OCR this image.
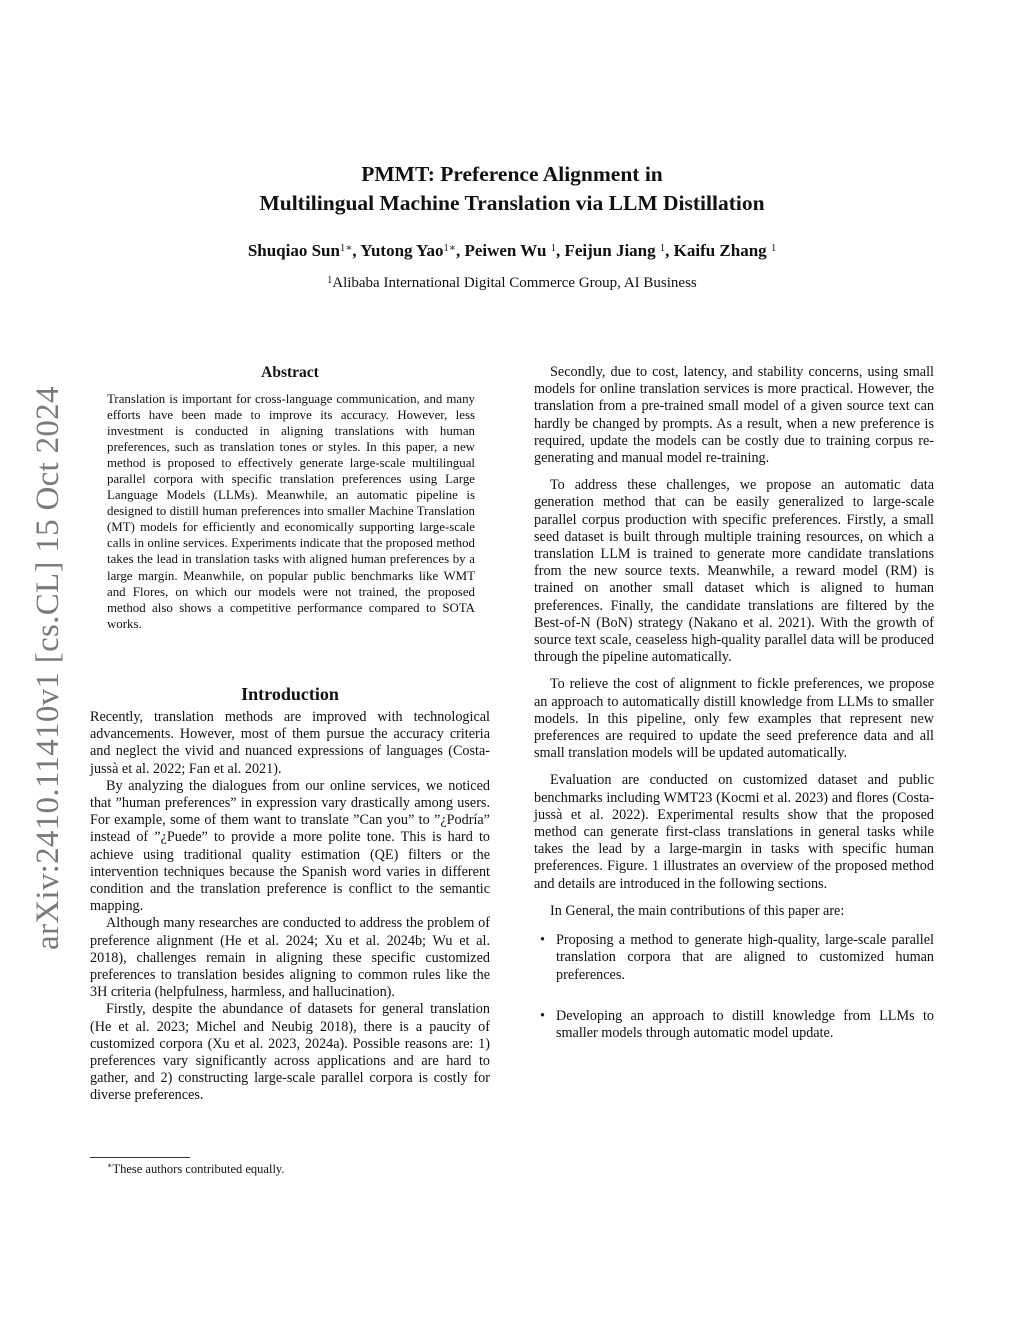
PMMT: Preference Alignment in
Multilingual Machine Translation via LLM Distillation
Shuqiao Sun$^{1∗}$, Yutong Yao$^{1∗}$, Peiwen Wu $^1$, Feijun Jiang $^1$, Kaifu Zhang $^1$
$^1$Alibaba International Digital Commerce Group, AI Business
arXiv:2410.11410v1 [cs.CL] 15 Oct 2024
Abstract

Translation is important for cross-language communication, and many efforts have been made to improve its accuracy. However, less investment is conducted in aligning translations with human preferences, such as translation tones or styles. In this paper, a new method is proposed to effectively generate large-scale multilingual parallel corpora with specific translation preferences using Large Language Models (LLMs). Meanwhile, an automatic pipeline is designed to distill human preferences into smaller Machine Translation (MT) models for efficiently and economically supporting large-scale calls in online services. Experiments indicate that the proposed method takes the lead in translation tasks with aligned human preferences by a large margin. Meanwhile, on popular public benchmarks like WMT and Flores, on which our models were not trained, the proposed method also shows a competitive performance compared to SOTA works.

Introduction

Recently, translation methods are improved with technological advancements. However, most of them pursue the accuracy criteria and neglect the vivid and nuanced expressions of languages (Costa-jussà et al. 2022; Fan et al. 2021).

By analyzing the dialogues from our online services, we noticed that ”human preferences” in expression vary drastically among users. For example, some of them want to translate ”Can you” to ”¿Podría” instead of ”¿Puede” to provide a more polite tone. This is hard to achieve using traditional quality estimation (QE) filters or the intervention techniques because the Spanish word varies in different condition and the translation preference is conflict to the semantic mapping.

Although many researches are conducted to address the problem of preference alignment (He et al. 2024; Xu et al. 2024b; Wu et al. 2018), challenges remain in aligning these specific customized preferences to translation besides aligning to common rules like the 3H criteria (helpfulness, harmless, and hallucination).

Firstly, despite the abundance of datasets for general translation (He et al. 2023; Michel and Neubig 2018), there is a paucity of customized corpora (Xu et al. 2023, 2024a). Possible reasons are: 1) preferences vary significantly across applications and are hard to gather, and 2) constructing large-scale parallel corpora is costly for diverse preferences.

Secondly, due to cost, latency, and stability concerns, using small models for online translation services is more practical. However, the translation from a pre-trained small model of a given source text can hardly be changed by prompts. As a result, when a new preference is required, update the models can be costly due to training corpus re-generating and manual model re-training.

To address these challenges, we propose an automatic data generation method that can be easily generalized to large-scale parallel corpus production with specific preferences. Firstly, a small seed dataset is built through multiple training resources, on which a translation LLM is trained to generate more candidate translations from the new source texts. Meanwhile, a reward model (RM) is trained on another small dataset which is aligned to human preferences. Finally, the candidate translations are filtered by the Best-of-N (BoN) strategy (Nakano et al. 2021). With the growth of source text scale, ceaseless high-quality parallel data will be produced through the pipeline automatically.

To relieve the cost of alignment to fickle preferences, we propose an approach to automatically distill knowledge from LLMs to smaller models. In this pipeline, only few examples that represent new preferences are required to update the seed preference data and all small translation models will be updated automatically.

Evaluation are conducted on customized dataset and public benchmarks including WMT23 (Kocmi et al. 2023) and flores (Costa-jussà et al. 2022). Experimental results show that the proposed method can generate first-class translations in general tasks while takes the lead by a large-margin in tasks with specific human preferences. Figure. 1 illustrates an overview of the proposed method and details are introduced in the following sections.

In General, the main contributions of this paper are:

• Proposing a method to generate high-quality, large-scale parallel translation corpora that are aligned to customized human preferences.
• Developing an approach to distill knowledge from LLMs to smaller models through automatic model update.
∗These authors contributed equally.
